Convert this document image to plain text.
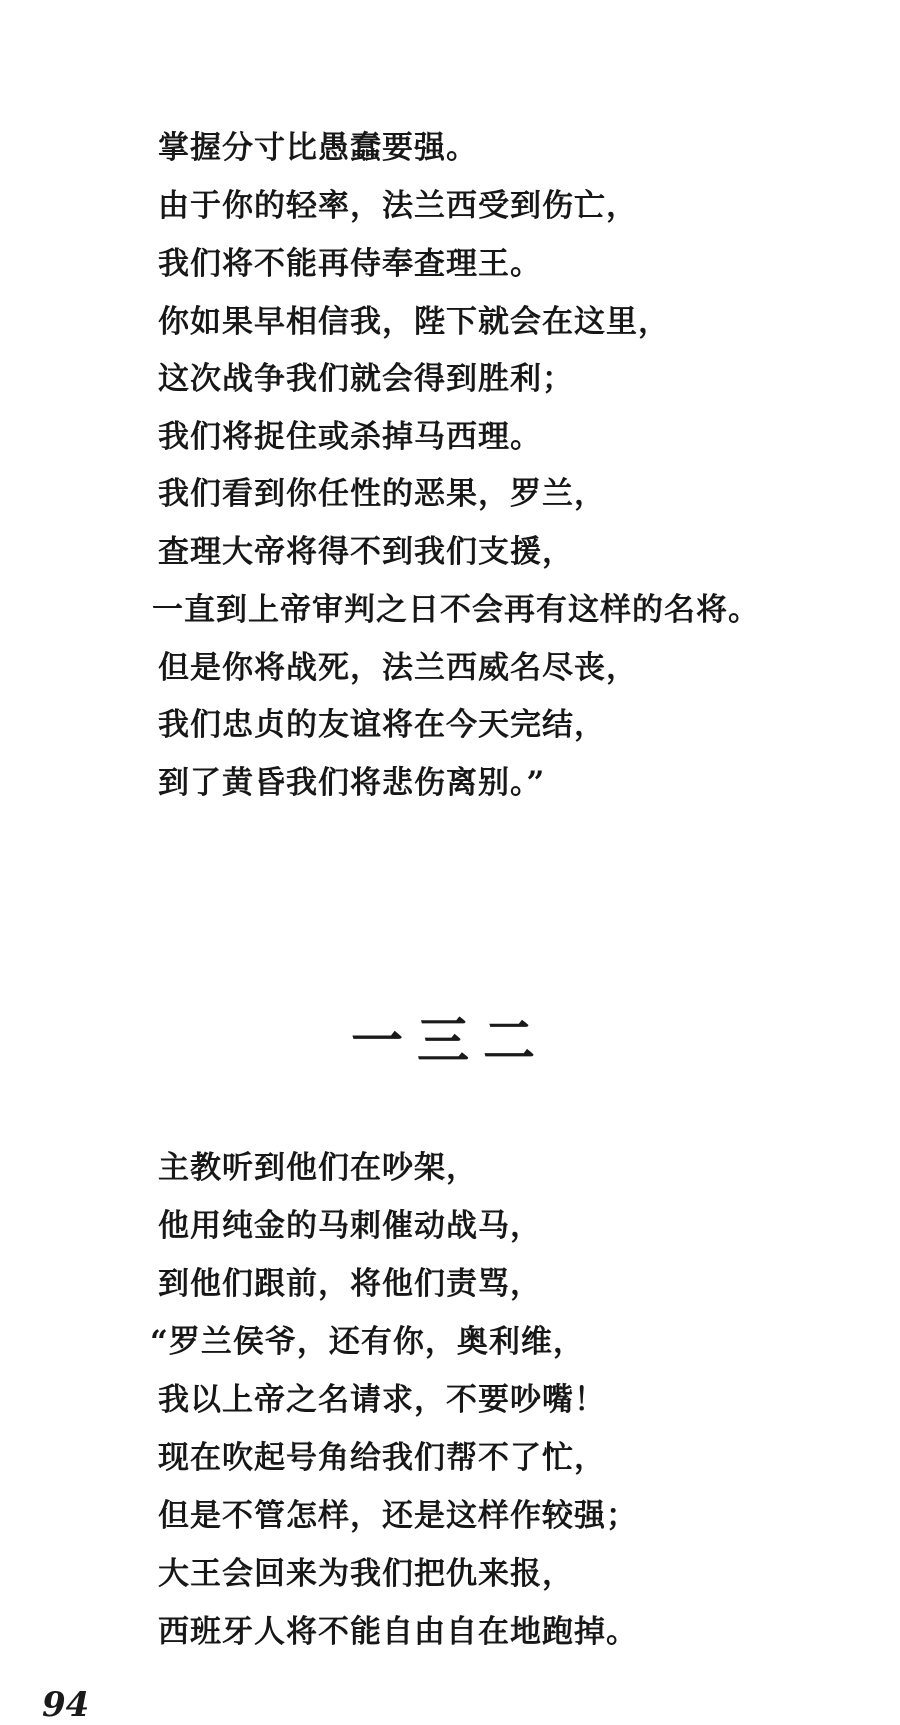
掌握分寸比愚蠢要强。
由于你的轻率，法兰西受到伤亡，
我们将不能再侍奉查理王。
你如果早相信我，陛下就会在这里，
这次战争我们就会得到胜利；
我们将捉住或杀掉马西理。
我们看到你任性的恶果，罗兰，
查理大帝将得不到我们支援，
一直到上帝审判之日不会再有这样的名将。
但是你将战死，法兰西威名尽丧，
我们忠贞的友谊将在今天完结，
到了黄昏我们将悲伤离别。”
一三二
主教听到他们在吵架，
他用纯金的马刺催动战马，
到他们跟前，将他们责骂，
“罗兰侯爷，还有你，奥利维，
我以上帝之名请求，不要吵嘴！
现在吹起号角给我们帮不了忙，
但是不管怎样，还是这样作较强；
大王会回来为我们把仇来报，
西班牙人将不能自由自在地跑掉。
94
